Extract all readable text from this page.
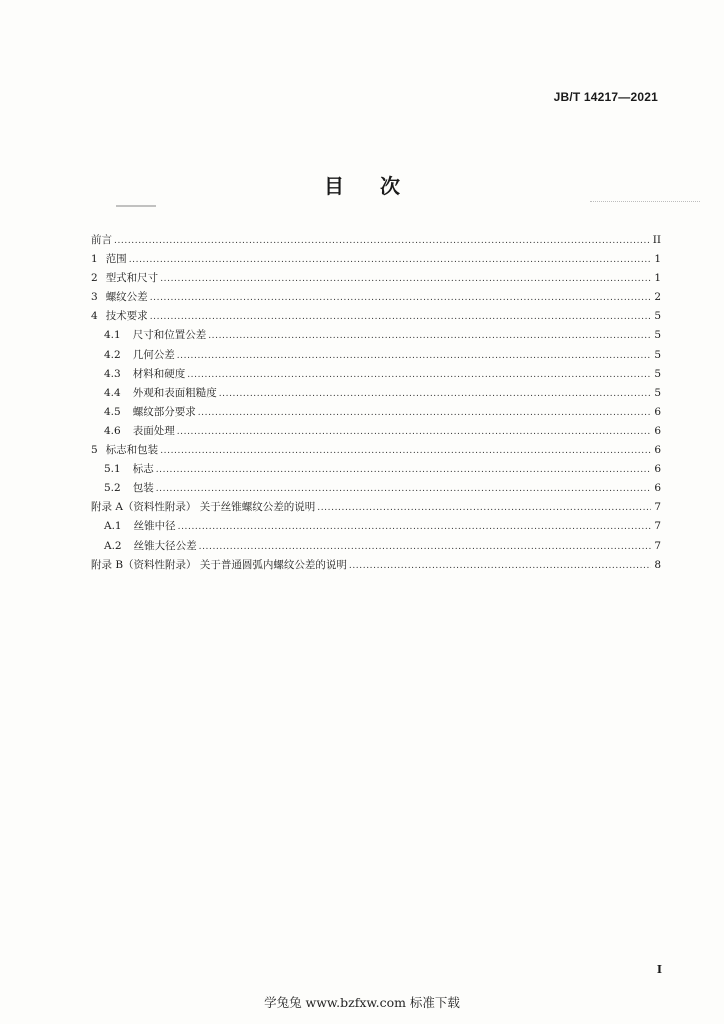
JB/T 14217—2021
目 次
前言 .....	II
1 范围 .....	1
2 型式和尺寸 .....	1
3 螺纹公差 .....	2
4 技术要求 .....	5
4.1 尺寸和位置公差 .....	5
4.2 几何公差 .....	5
4.3 材料和硬度 .....	5
4.4 外观和表面粗糙度 .....	5
4.5 螺纹部分要求 .....	6
4.6 表面处理 .....	6
5 标志和包装 .....	6
5.1 标志 .....	6
5.2 包装 .....	6
附录 A（资料性附录） 关于丝锥螺纹公差的说明 .....	7
A.1 丝锥中径 .....	7
A.2 丝锥大径公差 .....	7
附录 B（资料性附录） 关于普通圆弧内螺纹公差的说明 .....	8
I
学兔兔 www.bzfxw.com 标准下载
